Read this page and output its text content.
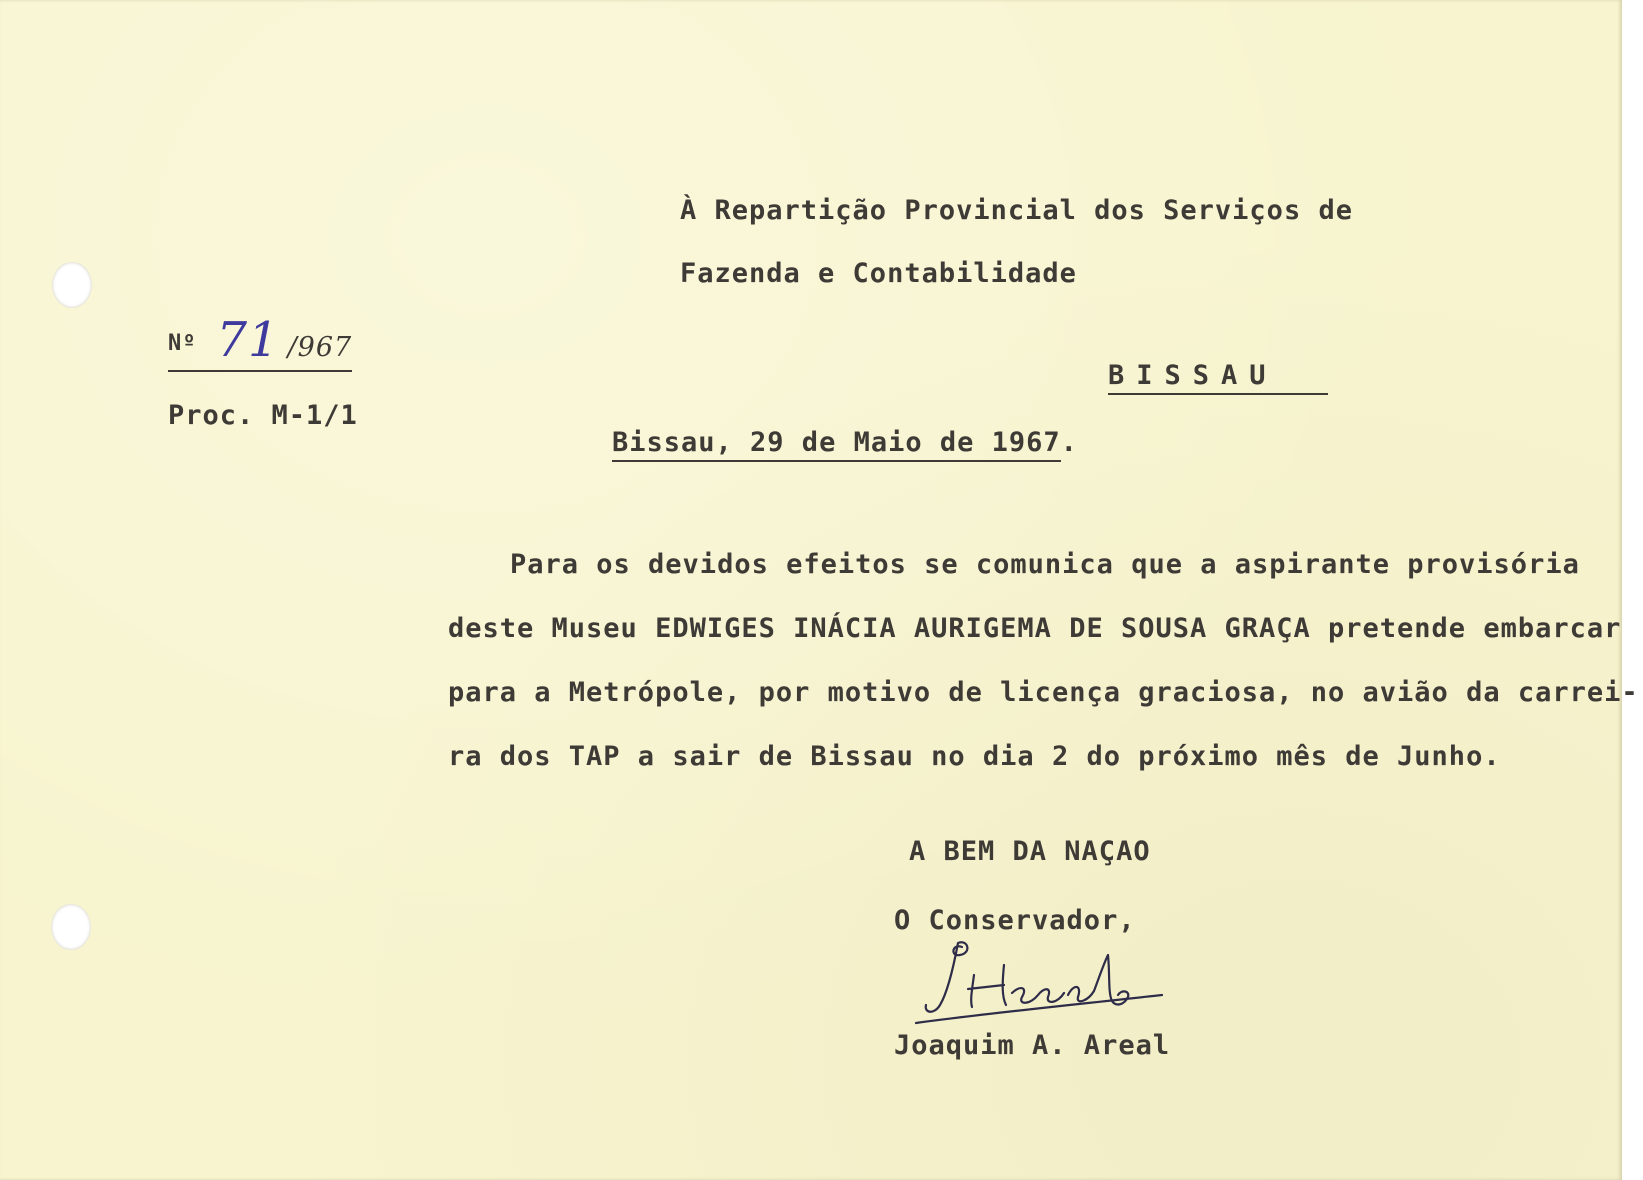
À Repartição Provincial dos Serviços de
Fazenda e Contabilidade
BISSAU
$^{Nº}$ 71 /967
Proc. M-1/1
Bissau, 29 de Maio de 1967.
Para os devidos efeitos se comunica que a aspirante provisória
deste Museu EDWIGES INÁCIA AURIGEMA DE SOUSA GRAÇA pretende embarcar
para a Metrópole, por motivo de licença graciosa, no avião da carrei-
ra dos TAP a sair de Bissau no dia 2 do próximo mês de Junho.
A BEM DA NAÇAO
O Conservador,
Joaquim A. Areal
